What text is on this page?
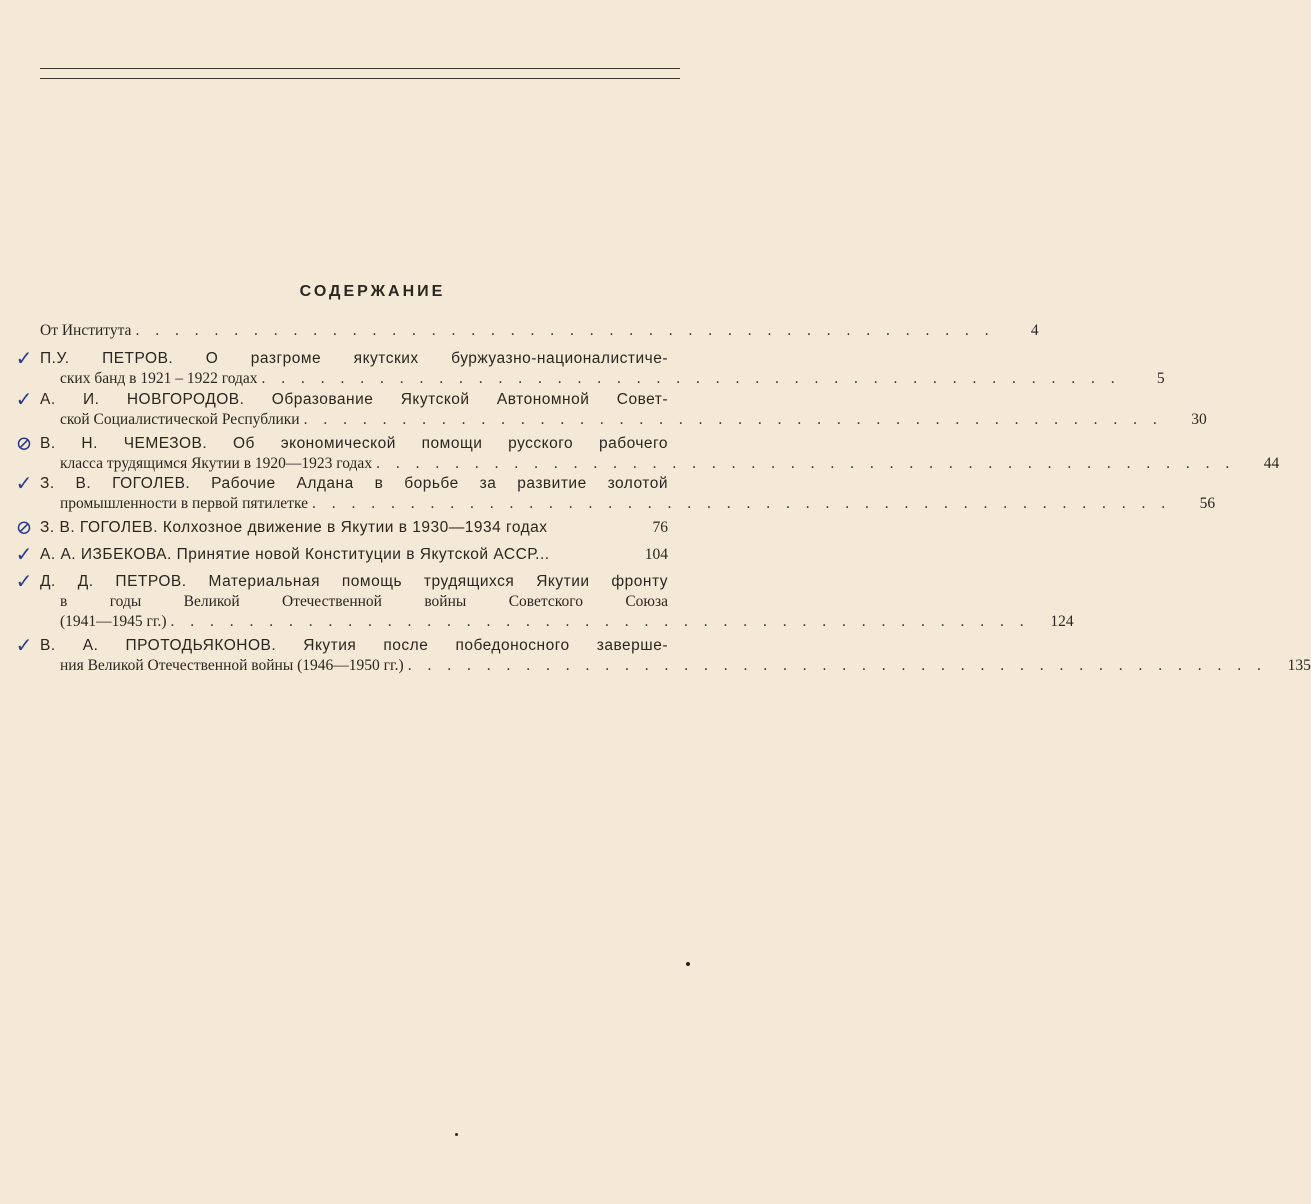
СОДЕРЖАНИЕ
От Института . . . . . . . . . . . . . . . . . . . . . . . . . . . . . . . . . . . . . . . . . . . .	4
✓ П.У. ПЕТРОВ. О разгроме якутских буржуазно-националистиче-
ских банд в 1921 – 1922 годах . . . . . . . . . . . . . . . . . . . . . . . . . . . . . . . . . . . . . . . . . . . .	5
✓ А. И. НОВГОРОДОВ. Образование Якутской Автономной Совет-
ской Социалистической Республики . . . . . . . . . . . . . . . . . . . . . . . . . . . . . . . . . . . . . . . . . . . .	30
⊘ В. Н. ЧЕМЕЗОВ. Об экономической помощи русского рабочего
класса трудящимся Якутии в 1920—1923 годах . . . . . . . . . . . . . . . . . . . . . . . . . . . . . . . . . . . . . . . . . . . .	44
✓ З. В. ГОГОЛЕВ. Рабочие Алдана в борьбе за развитие золотой
промышленности в первой пятилетке . . . . . . . . . . . . . . . . . . . . . . . . . . . . . . . . . . . . . . . . . . . .	56
⊘ З. В. ГОГОЛЕВ. Колхозное движение в Якутии в 1930—1934 годах	76
✓ А. А. ИЗБЕКОВА. Принятие новой Конституции в Якутской АССР...	104
✓ Д. Д. ПЕТРОВ. Материальная помощь трудящихся Якутии фронту
в годы Великой Отечественной войны Советского Союза
(1941—1945 гг.) . . . . . . . . . . . . . . . . . . . . . . . . . . . . . . . . . . . . . . . . . . . .	124
✓ В. А. ПРОТОДЬЯКОНОВ. Якутия после победоносного заверше-
ния Великой Отечественной войны (1946—1950 гг.) . . . . . . . . . . . . . . . . . . . . . . . . . . . . . . . . . . . . . . . . . . . .	135
